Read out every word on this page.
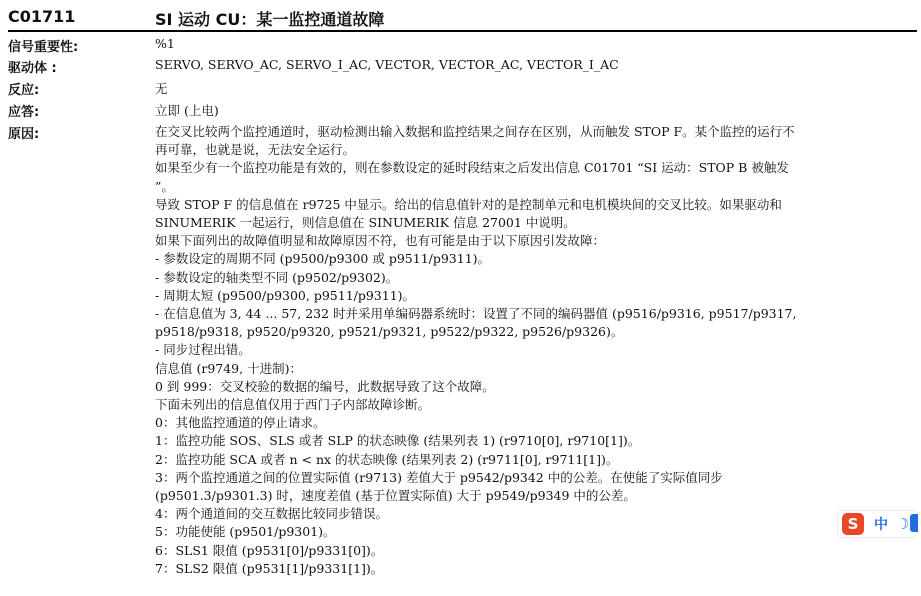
C01711	SI 运动 CU：某一监控通道故障
信号重要性:	%1
驱动体 :	SERVO, SERVO_AC, SERVO_I_AC, VECTOR, VECTOR_AC, VECTOR_I_AC
反应:	无
应答:	立即 (上电)
原因:	在交叉比较两个监控通道时，驱动检测出输入数据和监控结果之间存在区别，从而触发 STOP F。某个监控的运行不

再可靠，也就是说，无法安全运行。

如果至少有一个监控功能是有效的，则在参数设定的延时段结束之后发出信息 C01701 “SI 运动：STOP B 被触发

”。

导致 STOP F 的信息值在 r9725 中显示。给出的信息值针对的是控制单元和电机模块间的交叉比较。如果驱动和

SINUMERIK 一起运行，则信息值在 SINUMERIK 信息 27001 中说明。

如果下面列出的故障值明显和故障原因不符，也有可能是由于以下原因引发故障：

- 参数设定的周期不同 (p9500/p9300 或 p9511/p9311)。

- 参数设定的轴类型不同 (p9502/p9302)。

- 周期太短 (p9500/p9300, p9511/p9311)。

- 在信息值为 3, 44 ... 57, 232 时并采用单编码器系统时：设置了不同的编码器值 (p9516/p9316, p9517/p9317,

p9518/p9318, p9520/p9320, p9521/p9321, p9522/p9322, p9526/p9326)。

- 同步过程出错。

信息值 (r9749, 十进制)：

0 到 999：交叉校验的数据的编号，此数据导致了这个故障。

下面未列出的信息值仅用于西门子内部故障诊断。

0：其他监控通道的停止请求。

1：监控功能 SOS、SLS 或者 SLP 的状态映像 (结果列表 1) (r9710[0], r9710[1])。

2：监控功能 SCA 或者 n < nx 的状态映像 (结果列表 2) (r9711[0], r9711[1])。

3：两个监控通道之间的位置实际值 (r9713) 差值大于 p9542/p9342 中的公差。在使能了实际值同步

(p9501.3/p9301.3) 时，速度差值 (基于位置实际值) 大于 p9549/p9349 中的公差。

4：两个通道间的交互数据比较同步错误。

5：功能使能 (p9501/p9301)。

6：SLS1 限值 (p9531[0]/p9331[0])。

7：SLS2 限值 (p9531[1]/p9331[1])。

S	中 ☽
